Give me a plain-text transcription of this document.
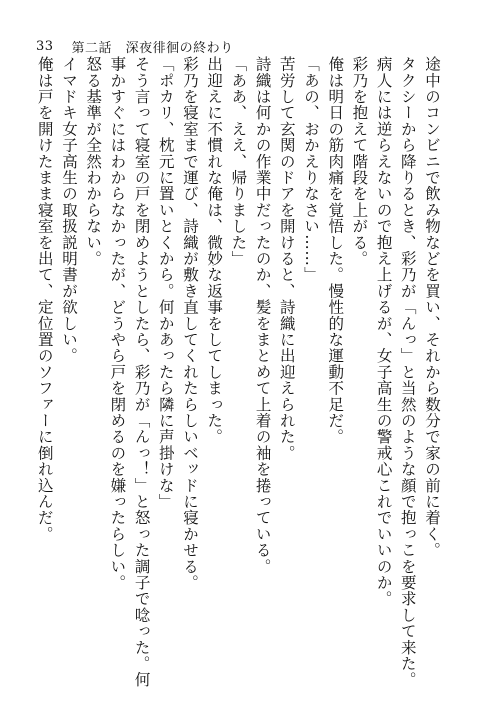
33 第二話　 深夜徘徊の終わり

途中のコンビニで飲み物などを買い、それから数分で家の前に着く。

タクシーから降りるとき、彩乃が「んっ」と当然のような顔で抱っこを要求して来た。

病人には逆らえないので抱え上げるが、女子高生の警戒心これでいいのか。

彩乃を抱えて階段を上がる。

俺は明日の筋肉痛を覚悟した。慢性的な運動不足だ。

「あの、おかえりなさい……」

苦労して玄関のドアを開けると、詩織に出迎えられた。

詩織は何かの作業中だったのか、髪をまとめて上着の袖を捲っている。

「ああ、ええ、帰りました」

出迎えに不慣れな俺は、微妙な返事をしてしまった。

彩乃を寝室まで運び、詩織が敷き直してくれたらしいベッドに寝かせる。

「ポカリ、枕元に置いとくから。何かあったら隣に声掛けな」

そう言って寝室の戸を閉めようとしたら、彩乃が「んっ！」と怒った調子で唸った。何

事かすぐにはわからなかったが、どうやら戸を閉めるのを嫌ったらしい。

怒る基準が全然わからない。

イマドキ女子高生の取扱説明書が欲しい。

俺は戸を開けたまま寝室を出て、定位置のソファーに倒れ込んだ。
